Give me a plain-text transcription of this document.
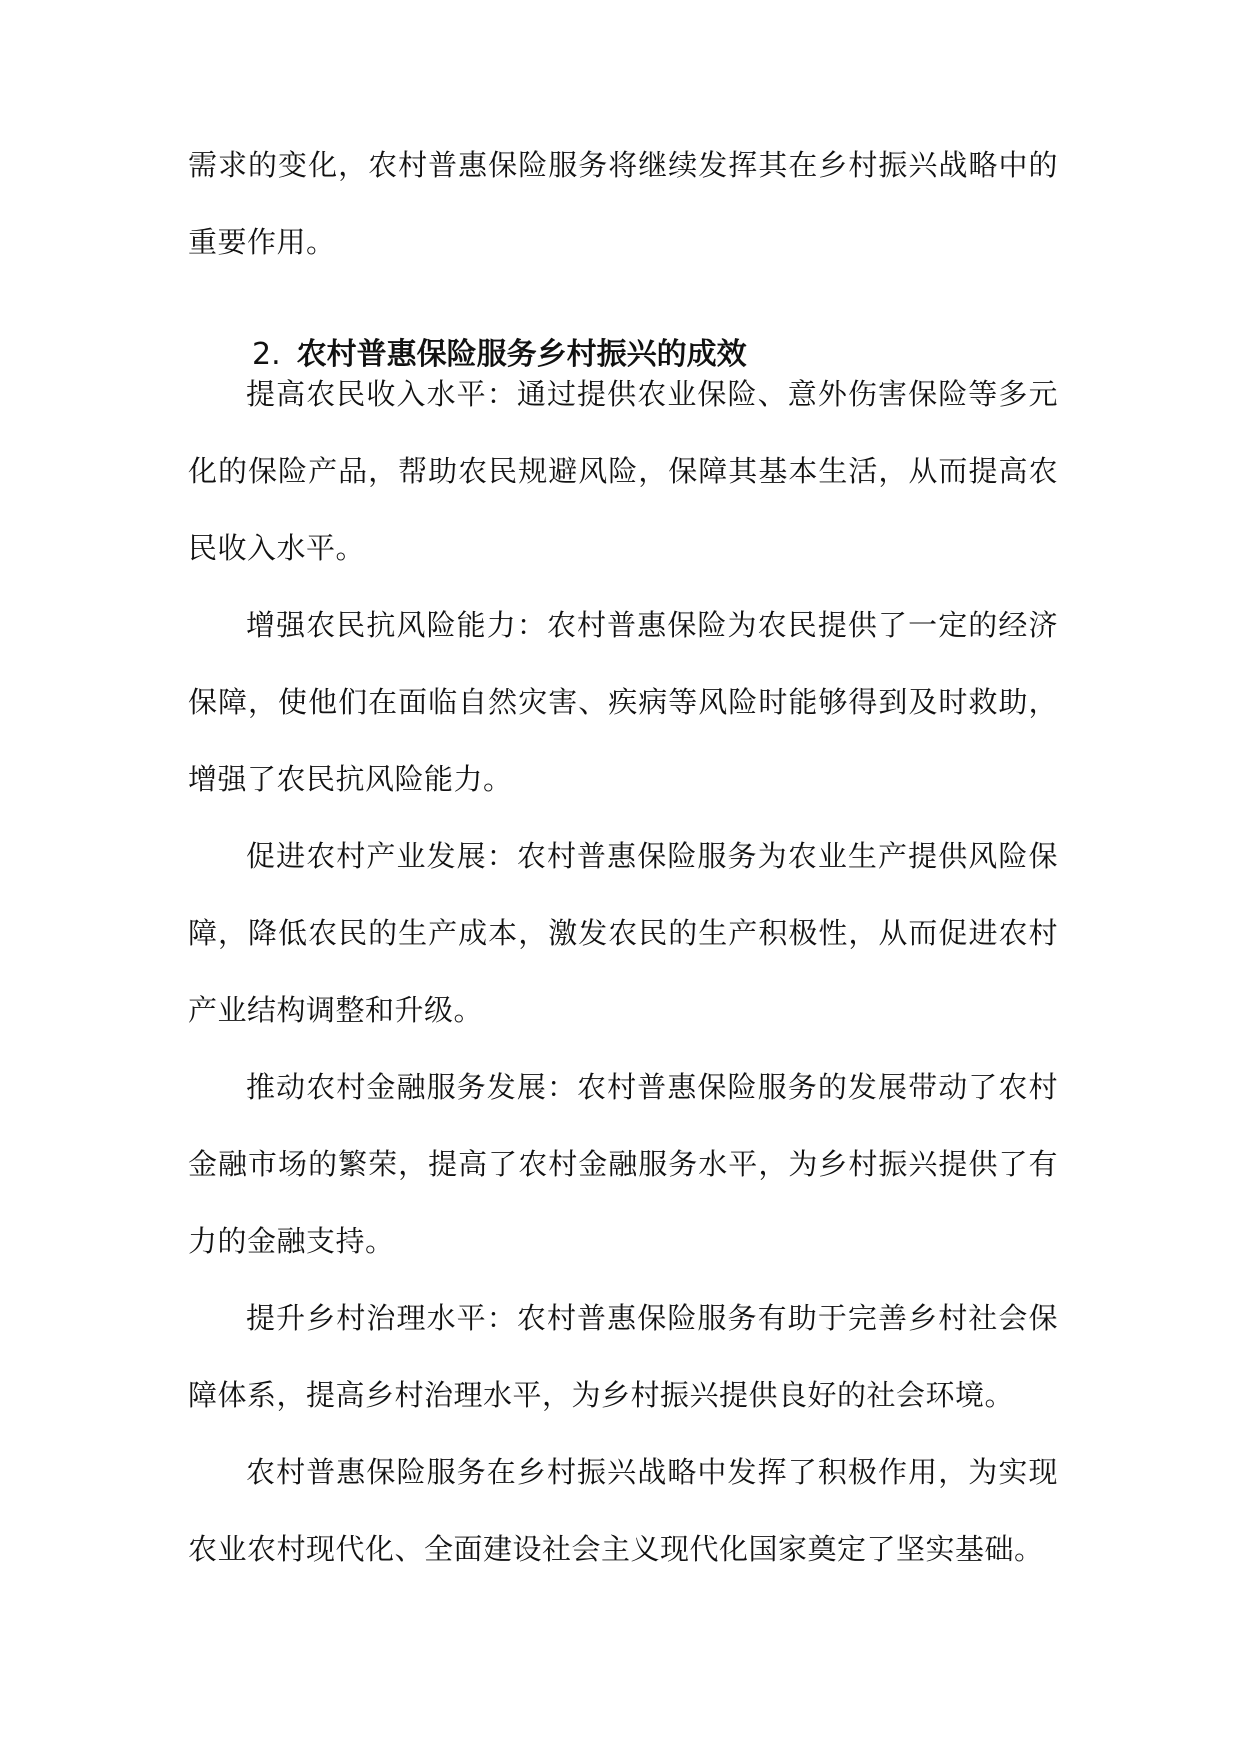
需求的变化，农村普惠保险服务将继续发挥其在乡村振兴战略中的重要作用。

2. 农村普惠保险服务乡村振兴的成效

提高农民收入水平：通过提供农业保险、意外伤害保险等多元化的保险产品，帮助农民规避风险，保障其基本生活，从而提高农民收入水平。

增强农民抗风险能力：农村普惠保险为农民提供了一定的经济保障，使他们在面临自然灾害、疾病等风险时能够得到及时救助，增强了农民抗风险能力。

促进农村产业发展：农村普惠保险服务为农业生产提供风险保障，降低农民的生产成本，激发农民的生产积极性，从而促进农村产业结构调整和升级。

推动农村金融服务发展：农村普惠保险服务的发展带动了农村金融市场的繁荣，提高了农村金融服务水平，为乡村振兴提供了有力的金融支持。

提升乡村治理水平：农村普惠保险服务有助于完善乡村社会保障体系，提高乡村治理水平，为乡村振兴提供良好的社会环境。

农村普惠保险服务在乡村振兴战略中发挥了积极作用，为实现农业农村现代化、全面建设社会主义现代化国家奠定了坚实基础。
